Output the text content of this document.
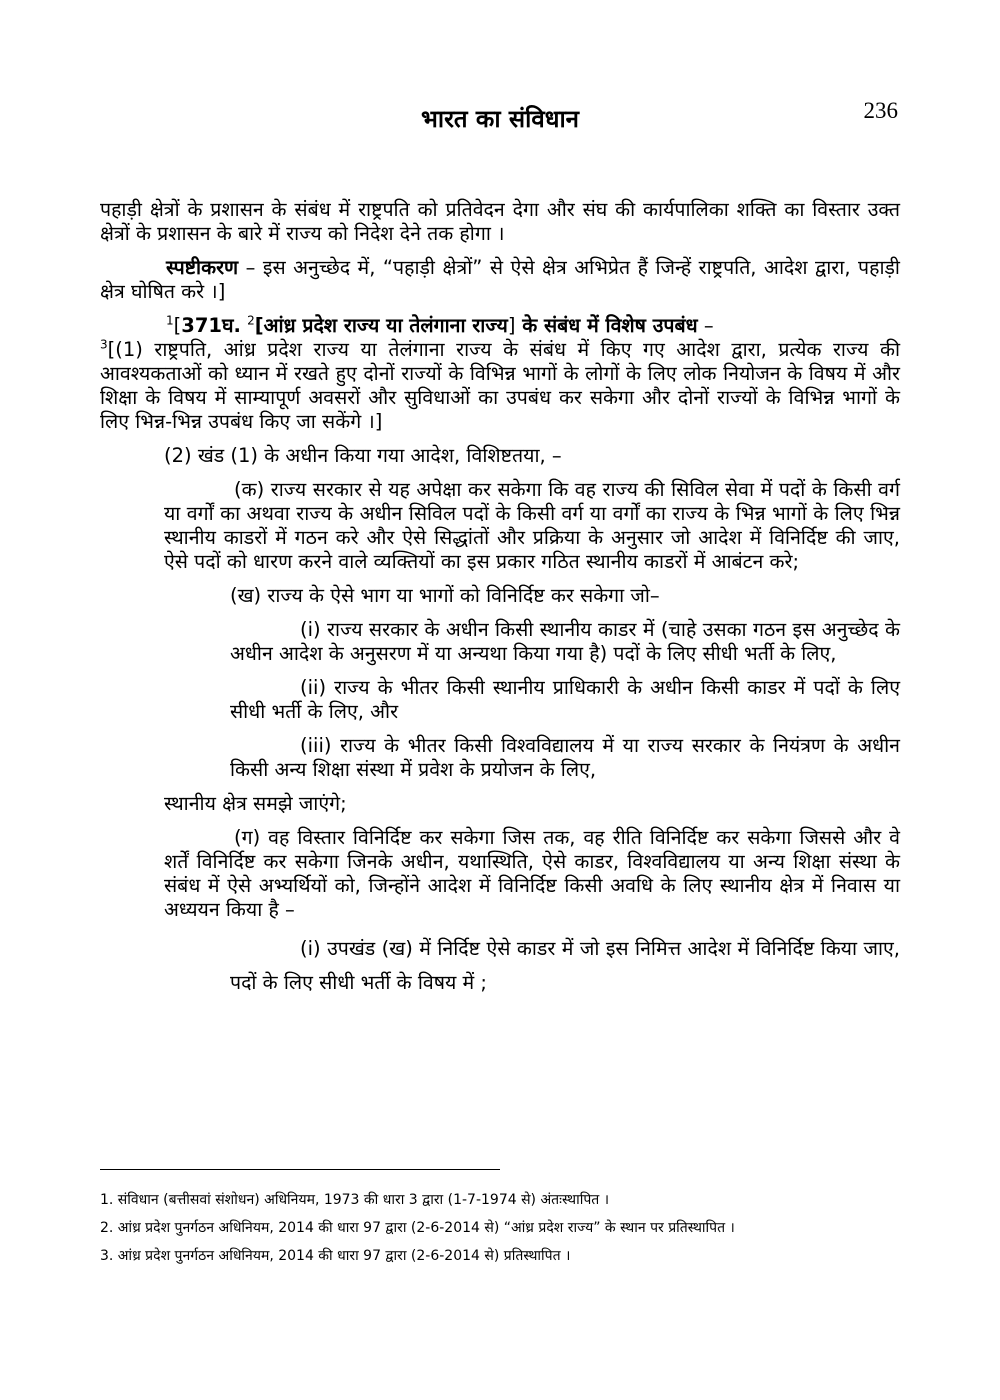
भारत का संविधान	236

पहाड़ी क्षेत्रों के प्रशासन के संबंध में राष्ट्रपति को प्रतिवेदन देगा और संघ की कार्यपालिका शक्ति का विस्तार उक्त क्षेत्रों के प्रशासन के बारे में राज्य को निदेश देने तक होगा ।

स्पष्टीकरण – इस अनुच्छेद में, “पहाड़ी क्षेत्रों” से ऐसे क्षेत्र अभिप्रेत हैं जिन्हें राष्ट्रपति, आदेश द्वारा, पहाड़ी क्षेत्र घोषित करे ।]

$^1$[371घ. $^2$[आंध्र प्रदेश राज्य या तेलंगाना राज्य] के संबंध में विशेष उपबंध –
$^3$[(1) राष्ट्रपति, आंध्र प्रदेश राज्य या तेलंगाना राज्य के संबंध में किए गए आदेश द्वारा, प्रत्येक राज्य की आवश्यकताओं को ध्यान में रखते हुए दोनों राज्यों के विभिन्न भागों के लोगों के लिए लोक नियोजन के विषय में और शिक्षा के विषय में साम्यापूर्ण अवसरों और सुविधाओं का उपबंध कर सकेगा और दोनों राज्यों के विभिन्न भागों के लिए भिन्न-भिन्न उपबंध किए जा सकेंगे ।]

(2) खंड (1) के अधीन किया गया आदेश, विशिष्टतया, –

(क) राज्य सरकार से यह अपेक्षा कर सकेगा कि वह राज्य की सिविल सेवा में पदों के किसी वर्ग या वर्गों का अथवा राज्य के अधीन सिविल पदों के किसी वर्ग या वर्गों का राज्य के भिन्न भागों के लिए भिन्न स्थानीय काडरों में गठन करे और ऐसे सिद्धांतों और प्रक्रिया के अनुसार जो आदेश में विनिर्दिष्ट की जाए, ऐसे पदों को धारण करने वाले व्यक्तियों का इस प्रकार गठित स्थानीय काडरों में आबंटन करे;

(ख) राज्य के ऐसे भाग या भागों को विनिर्दिष्ट कर सकेगा जो–

(i) राज्य सरकार के अधीन किसी स्थानीय काडर में (चाहे उसका गठन इस अनुच्छेद के अधीन आदेश के अनुसरण में या अन्यथा किया गया है) पदों के लिए सीधी भर्ती के लिए,

(ii) राज्य के भीतर किसी स्थानीय प्राधिकारी के अधीन किसी काडर में पदों के लिए सीधी भर्ती के लिए, और

(iii) राज्य के भीतर किसी विश्वविद्यालय में या राज्य सरकार के नियंत्रण के अधीन किसी अन्य शिक्षा संस्था में प्रवेश के प्रयोजन के लिए,

स्थानीय क्षेत्र समझे जाएंगे;

(ग) वह विस्तार विनिर्दिष्ट कर सकेगा जिस तक, वह रीति विनिर्दिष्ट कर सकेगा जिससे और वे शर्तें विनिर्दिष्ट कर सकेगा जिनके अधीन, यथास्थिति, ऐसे काडर, विश्वविद्यालय या अन्य शिक्षा संस्था के संबंध में ऐसे अभ्यर्थियों को, जिन्होंने आदेश में विनिर्दिष्ट किसी अवधि के लिए स्थानीय क्षेत्र में निवास या अध्ययन किया है –

(i) उपखंड (ख) में निर्दिष्ट ऐसे काडर में जो इस निमित्त आदेश में विनिर्दिष्ट किया जाए, पदों के लिए सीधी भर्ती के विषय में ;

1. संविधान (बत्तीसवां संशोधन) अधिनियम, 1973 की धारा 3 द्वारा (1-7-1974 से) अंतःस्थापित ।

2. आंध्र प्रदेश पुनर्गठन अधिनियम, 2014 की धारा 97 द्वारा (2-6-2014 से) “आंध्र प्रदेश राज्य” के स्थान पर प्रतिस्थापित ।

3. आंध्र प्रदेश पुनर्गठन अधिनियम, 2014 की धारा 97 द्वारा (2-6-2014 से) प्रतिस्थापित ।
